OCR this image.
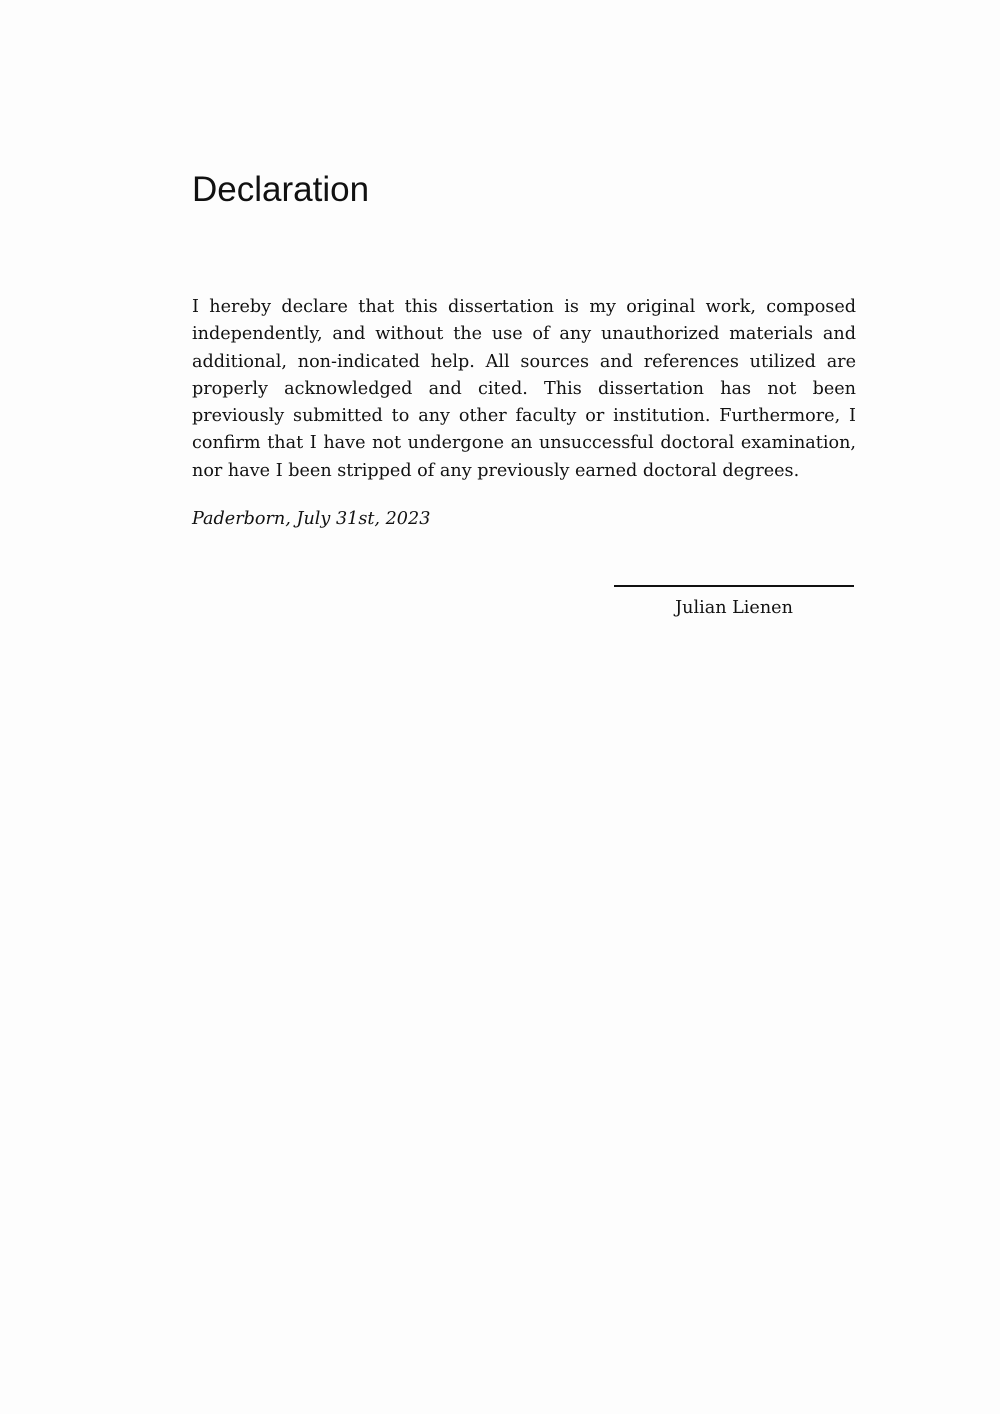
Declaration

I hereby declare that this dissertation is my original work, composed independently, and without the use of any unauthorized materials and additional, non-indicated help. All sources and references utilized are properly acknowledged and cited. This dissertation has not been previously submitted to any other faculty or institution. Furthermore, I confirm that I have not undergone an unsuccessful doctoral examination, nor have I been stripped of any previously earned doctoral degrees.

Paderborn, July 31st, 2023

Julian Lienen
